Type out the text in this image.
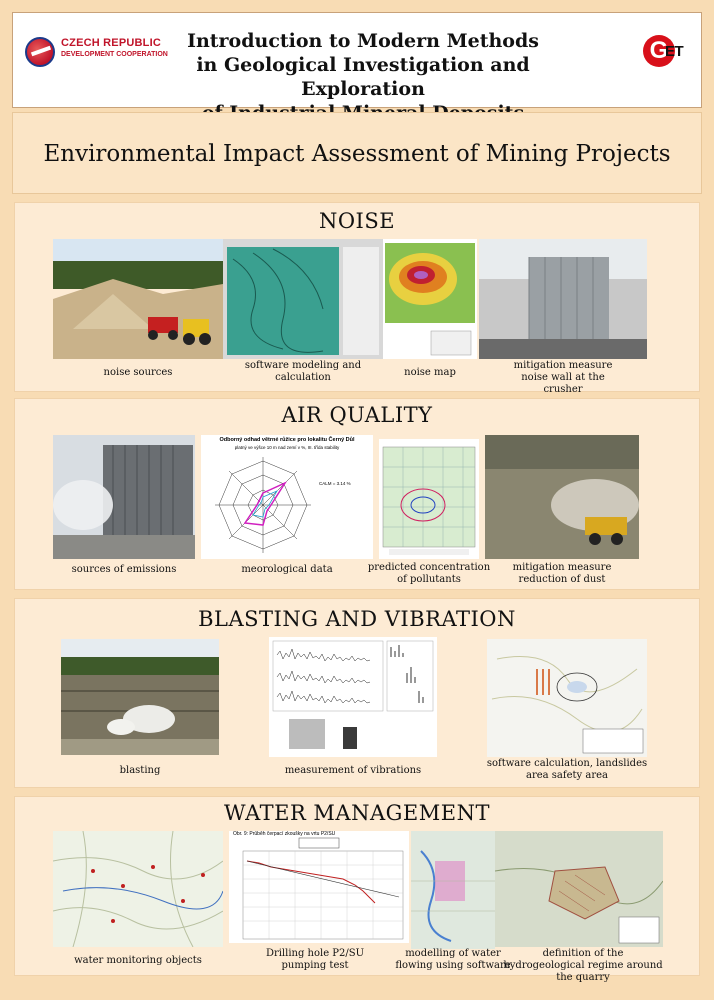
CZECH REPUBLIC
DEVELOPMENT COOPERATION
Introduction to Modern Methods
in Geological Investigation and Exploration
G
ET
Environmental Impact Assessment of Mining Projects
NOISE
noise sources
software modeling and calculation	noise map
mitigation measure noise wall at the crusher
AIR QUALITY
Odborný odhad větrné růžice pro lokalitu Černý Důl
platný ve výšce 10 m nad zemí v %, III. třída stability
CALM = 3.14 %
sources of emissions	meorological data	predicted concentration of pollutants
mitigation measure reduction of dust
BLASTING AND VIBRATION
blasting	measurement of vibrations
software calculation, landslides area safety area
WATER MANAGEMENT
Obr. 9: Průběh čerpací zkoušky na vrtu P2/SU
water monitoring objects
Drilling hole P2/SU pumping test
modelling of water flowing using software
definition of the hydrogeological regime around the quarry
